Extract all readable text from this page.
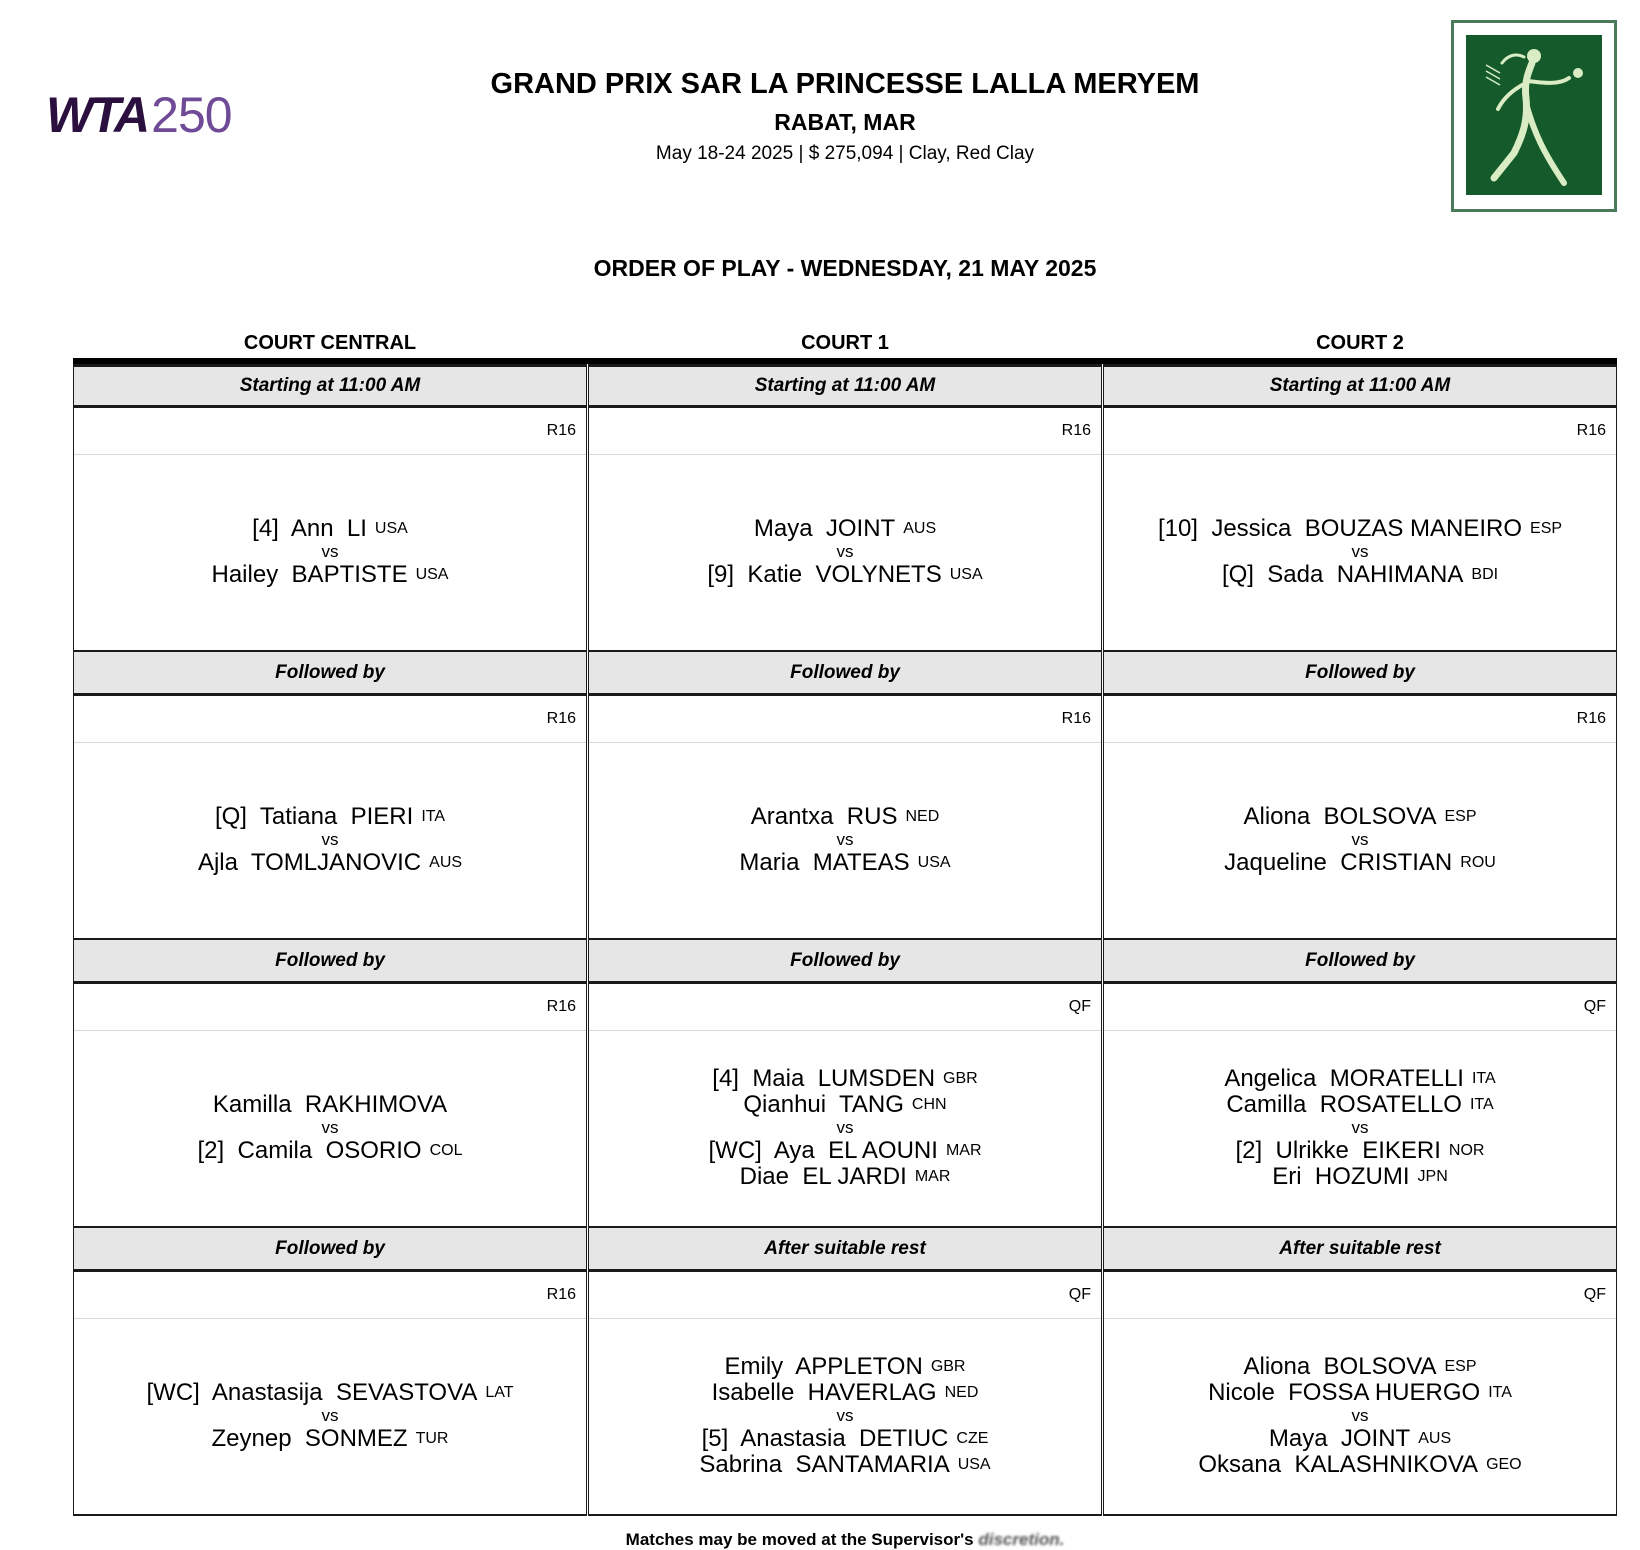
WTA 250
GRAND PRIX SAR LA PRINCESSE LALLA MERYEM
RABAT, MAR
May 18-24 2025 | $ 275,094 | Clay, Red Clay
ORDER OF PLAY - WEDNESDAY, 21 MAY 2025
COURT CENTRAL	COURT 1	COURT 2
Starting at 11:00 AM
R16
[4] Ann LI USA
vs
Hailey BAPTISTE USA
Followed by
R16
[Q] Tatiana PIERI ITA
vs
Ajla TOMLJANOVIC AUS
Followed by
R16
Kamilla RAKHIMOVA
vs
[2] Camila OSORIO COL
Followed by
R16
[WC] Anastasija SEVASTOVA LAT
vs
Zeynep SONMEZ TUR
Starting at 11:00 AM
R16
Maya JOINT AUS
vs
[9] Katie VOLYNETS USA
Followed by
R16
Arantxa RUS NED
vs
Maria MATEAS USA
Followed by
QF
[4] Maia LUMSDEN GBR
Qianhui TANG CHN
vs
[WC] Aya EL AOUNI MAR
Diae EL JARDI MAR
After suitable rest
QF
Emily APPLETON GBR
Isabelle HAVERLAG NED
vs
[5] Anastasia DETIUC CZE
Sabrina SANTAMARIA USA
Starting at 11:00 AM
R16
[10] Jessica BOUZAS MANEIRO ESP
vs
[Q] Sada NAHIMANA BDI
Followed by
R16
Aliona BOLSOVA ESP
vs
Jaqueline CRISTIAN ROU
Followed by
QF
Angelica MORATELLI ITA
Camilla ROSATELLO ITA
vs
[2] Ulrikke EIKERI NOR
Eri HOZUMI JPN
After suitable rest
QF
Aliona BOLSOVA ESP
Nicole FOSSA HUERGO ITA
vs
Maya JOINT AUS
Oksana KALASHNIKOVA GEO
Matches may be moved at the Supervisor's discretion.
